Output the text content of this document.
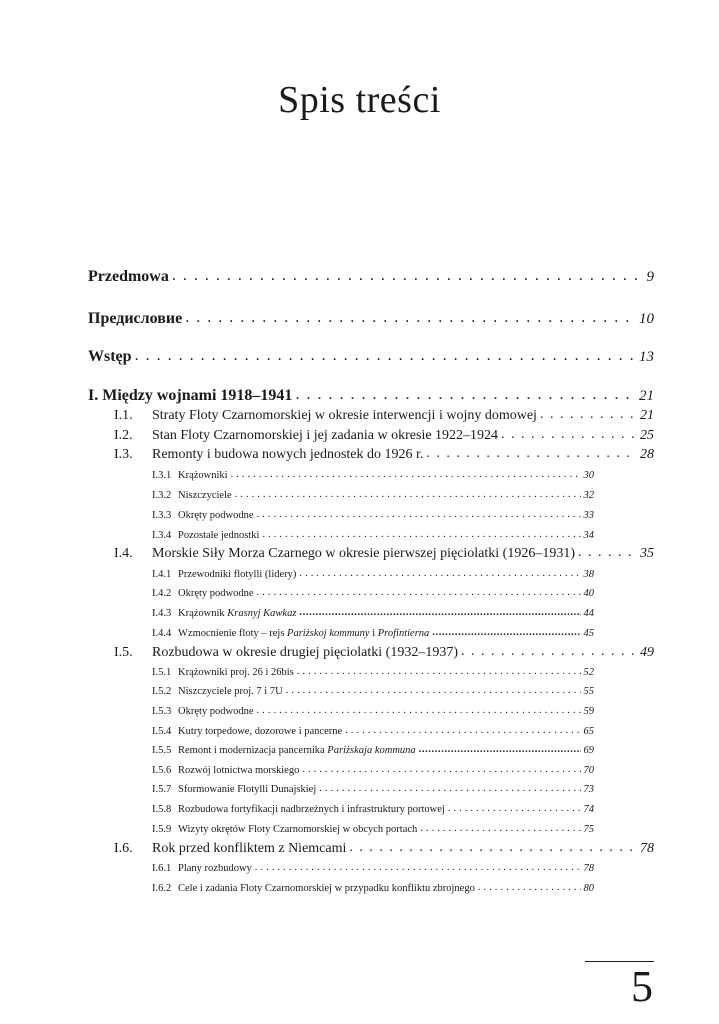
Spis treści
Przedmowa . . .	9
Предисловие . . .	10
Wstęp . . .	13
I. Między wojnami 1918–1941 . . .	21
I.1.	Straty Floty Czarnomorskiej w okresie interwencji i wojny domowej . . .	21
I.2.	Stan Floty Czarnomorskiej i jej zadania w okresie 1922–1924 . . .	25
I.3.	Remonty i budowa nowych jednostek do 1926 r. . . .	28
I.3.1 Krążowniki . . .	30
I.3.2 Niszczyciele . . .	32
I.3.3 Okręty podwodne . . .	33
I.3.4 Pozostałe jednostki . . .	34
I.4.	Morskie Siły Morza Czarnego w okresie pierwszej pięciolatki (1926–1931) . . .	35
I.4.1 Przewodniki flotylli (lidery) . . .	38
I.4.2 Okręty podwodne . . .	40
I.4.3 Krążownik Krasnyj Kawkaz .....	44
I.4.4 Wzmocnienie floty – rejs Pariżskoj kommuny i Profintierna .....	45
I.5.	Rozbudowa w okresie drugiej pięciolatki (1932–1937) . . .	49
I.5.1 Krążowniki proj. 26 i 26bis . . .	52
I.5.2 Niszczyciele proj. 7 i 7U . . .	55
I.5.3 Okręty podwodne . . .	59
I.5.4 Kutry torpedowe, dozorowe i pancerne . . .	65
I.5.5 Remont i modernizacja pancernika Pariżskaja kommuna .....	69
I.5.6 Rozwój lotnictwa morskiego . . .	70
I.5.7 Sformowanie Flotylli Dunajskiej . . .	73
I.5.8 Rozbudowa fortyfikacji nadbrzeżnych i infrastruktury portowej . . .	74
I.5.9 Wizyty okrętów Floty Czarnomorskiej w obcych portach . . .	75
I.6.	Rok przed konfliktem z Niemcami . . .	78
I.6.1 Plany rozbudowy . . .	78
I.6.2 Cele i zadania Floty Czarnomorskiej w przypadku konfliktu zbrojnego . . .	80
5
